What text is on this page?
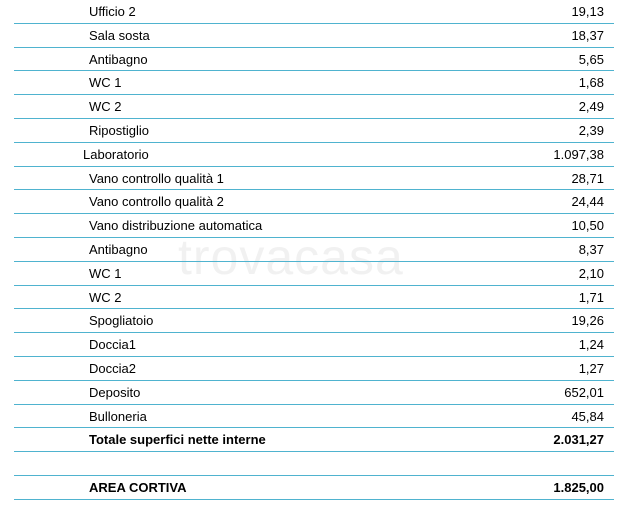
trovacasa
Ufficio 2	19,13
Sala sosta	18,37
Antibagno	5,65
WC 1	1,68
WC 2	2,49
Ripostiglio	2,39
Laboratorio	1.097,38
Vano controllo qualità 1	28,71
Vano controllo qualità 2	24,44
Vano distribuzione automatica	10,50
Antibagno	8,37
WC 1	2,10
WC 2	1,71
Spogliatoio	19,26
Doccia1	1,24
Doccia2	1,27
Deposito	652,01
Bulloneria	45,84
Totale superfici nette interne	2.031,27
AREA CORTIVA	1.825,00
